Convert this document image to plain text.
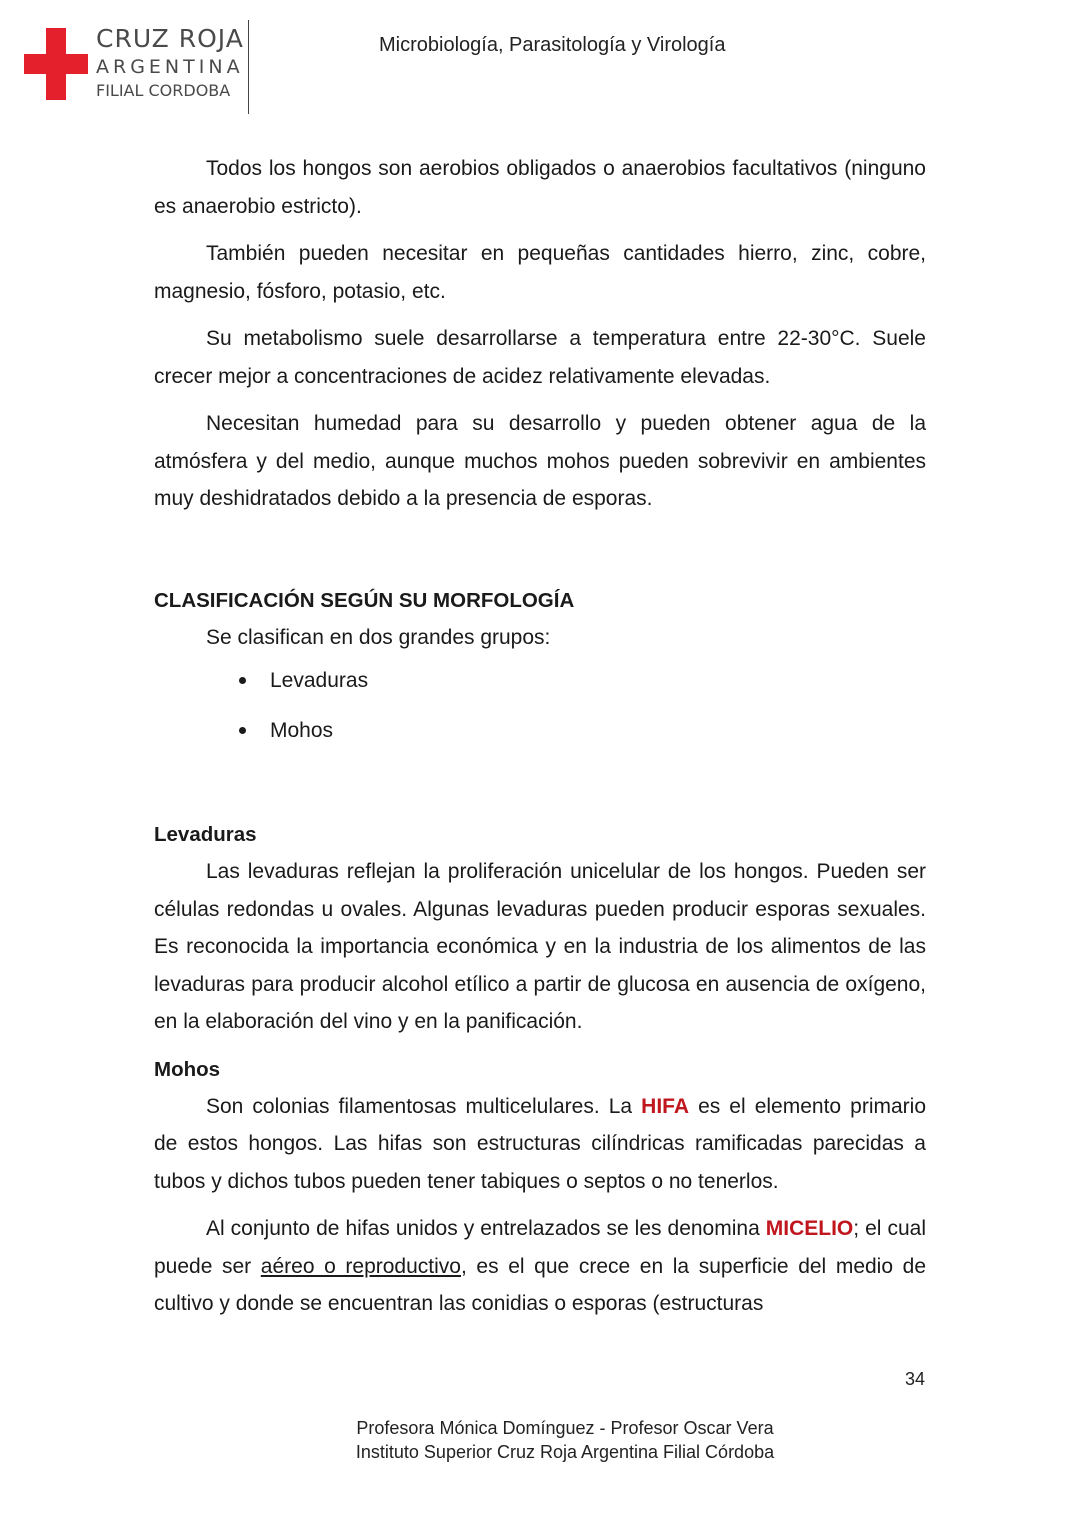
CRUZ ROJA
ARGENTINA
FILIAL CORDOBA
Microbiología, Parasitología y Virología

Todos los hongos son aerobios obligados o anaerobios facultativos (ninguno es anaerobio estricto).

También pueden necesitar en pequeñas cantidades hierro, zinc, cobre, magnesio, fósforo, potasio, etc.

Su metabolismo suele desarrollarse a temperatura entre 22-30°C. Suele crecer mejor a concentraciones de acidez relativamente elevadas.

Necesitan humedad para su desarrollo y pueden obtener agua de la atmósfera y del medio, aunque muchos mohos pueden sobrevivir en ambientes muy deshidratados debido a la presencia de esporas.

CLASIFICACIÓN SEGÚN SU MORFOLOGÍA

Se clasifican en dos grandes grupos:

Levaduras
Mohos
Levaduras

Las levaduras reflejan la proliferación unicelular de los hongos. Pueden ser células redondas u ovales. Algunas levaduras pueden producir esporas sexuales. Es reconocida la importancia económica y en la industria de los alimentos de las levaduras para producir alcohol etílico a partir de glucosa en ausencia de oxígeno, en la elaboración del vino y en la panificación.

Mohos

Son colonias filamentosas multicelulares. La HIFA es el elemento primario de estos hongos. Las hifas son estructuras cilíndricas ramificadas parecidas a tubos y dichos tubos pueden tener tabiques o septos o no tenerlos.

Al conjunto de hifas unidos y entrelazados se les denomina MICELIO; el cual puede ser aéreo o reproductivo, es el que crece en la superficie del medio de cultivo y donde se encuentran las conidias o esporas (estructuras

34
Profesora Mónica Domínguez - Profesor Oscar Vera
Instituto Superior Cruz Roja Argentina Filial Córdoba
